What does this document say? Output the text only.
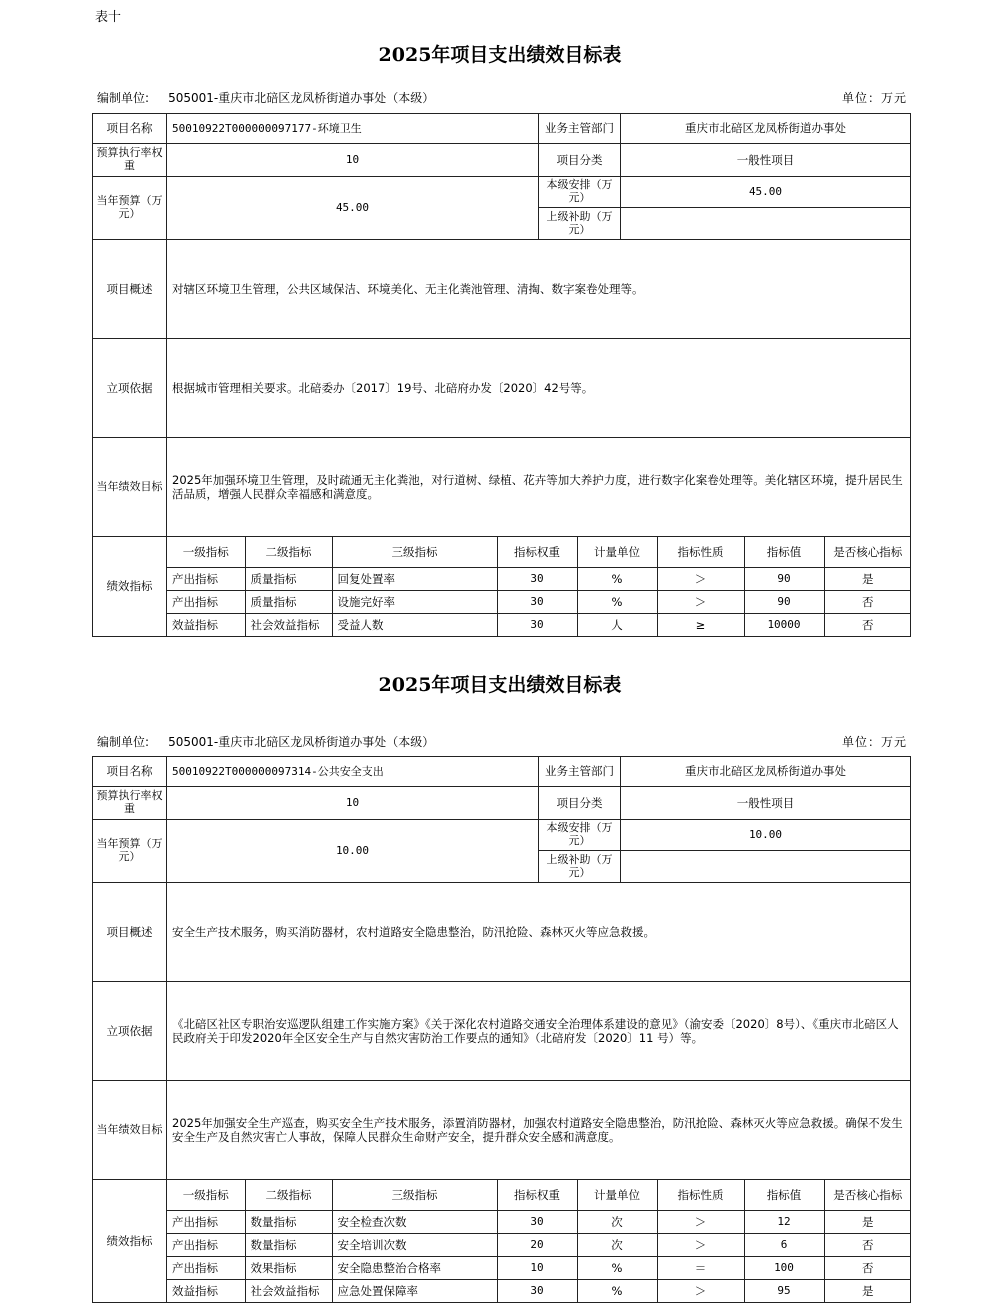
表十
2025年项目支出绩效目标表
编制单位: 505001-重庆市北碚区龙凤桥街道办事处（本级）	单位：万元
项目名称	50010922T000000097177-环境卫生	业务主管部门	重庆市北碚区龙凤桥街道办事处
预算执行率权重	10	项目分类	一般性项目
当年预算（万元）	45.00	本级安排（万元）	45.00
上级补助（万元）	
项目概述	对辖区环境卫生管理，公共区域保洁、环境美化、无主化粪池管理、清掏、数字案卷处理等。
立项依据	根据城市管理相关要求。北碚委办〔2017〕19号、北碚府办发〔2020〕42号等。
当年绩效目标	2025年加强环境卫生管理，及时疏通无主化粪池，对行道树、绿植、花卉等加大养护力度，进行数字化案卷处理等。美化辖区环境，提升居民生活品质，增强人民群众幸福感和满意度。
绩效指标	
一级指标	二级指标	三级指标	指标权重	计量单位	指标性质	指标值	是否核心指标
产出指标	质量指标	回复处置率	30	%	＞	90	是
产出指标	质量指标	设施完好率	30	%	＞	90	否
效益指标	社会效益指标	受益人数	30	人	≥	10000	否
2025年项目支出绩效目标表
编制单位: 505001-重庆市北碚区龙凤桥街道办事处（本级）	单位：万元
项目名称	50010922T000000097314-公共安全支出	业务主管部门	重庆市北碚区龙凤桥街道办事处
预算执行率权重	10	项目分类	一般性项目
当年预算（万元）	10.00	本级安排（万元）	10.00
上级补助（万元）	
项目概述	安全生产技术服务，购买消防器材，农村道路安全隐患整治，防汛抢险、森林灭火等应急救援。
立项依据	《北碚区社区专职治安巡逻队组建工作实施方案》《关于深化农村道路交通安全治理体系建设的意见》（渝安委〔2020〕8号）、《重庆市北碚区人民政府关于印发2020年全区安全生产与自然灾害防治工作要点的通知》（北碚府发〔2020〕11 号）等。
当年绩效目标	2025年加强安全生产巡查，购买安全生产技术服务，添置消防器材，加强农村道路安全隐患整治，防汛抢险、森林灭火等应急救援。确保不发生安全生产及自然灾害亡人事故，保障人民群众生命财产安全，提升群众安全感和满意度。
绩效指标	
一级指标	二级指标	三级指标	指标权重	计量单位	指标性质	指标值	是否核心指标
产出指标	数量指标	安全检查次数	30	次	＞	12	是
产出指标	数量指标	安全培训次数	20	次	＞	6	否
产出指标	效果指标	安全隐患整治合格率	10	%	＝	100	否
效益指标	社会效益指标	应急处置保障率	30	%	＞	95	是
